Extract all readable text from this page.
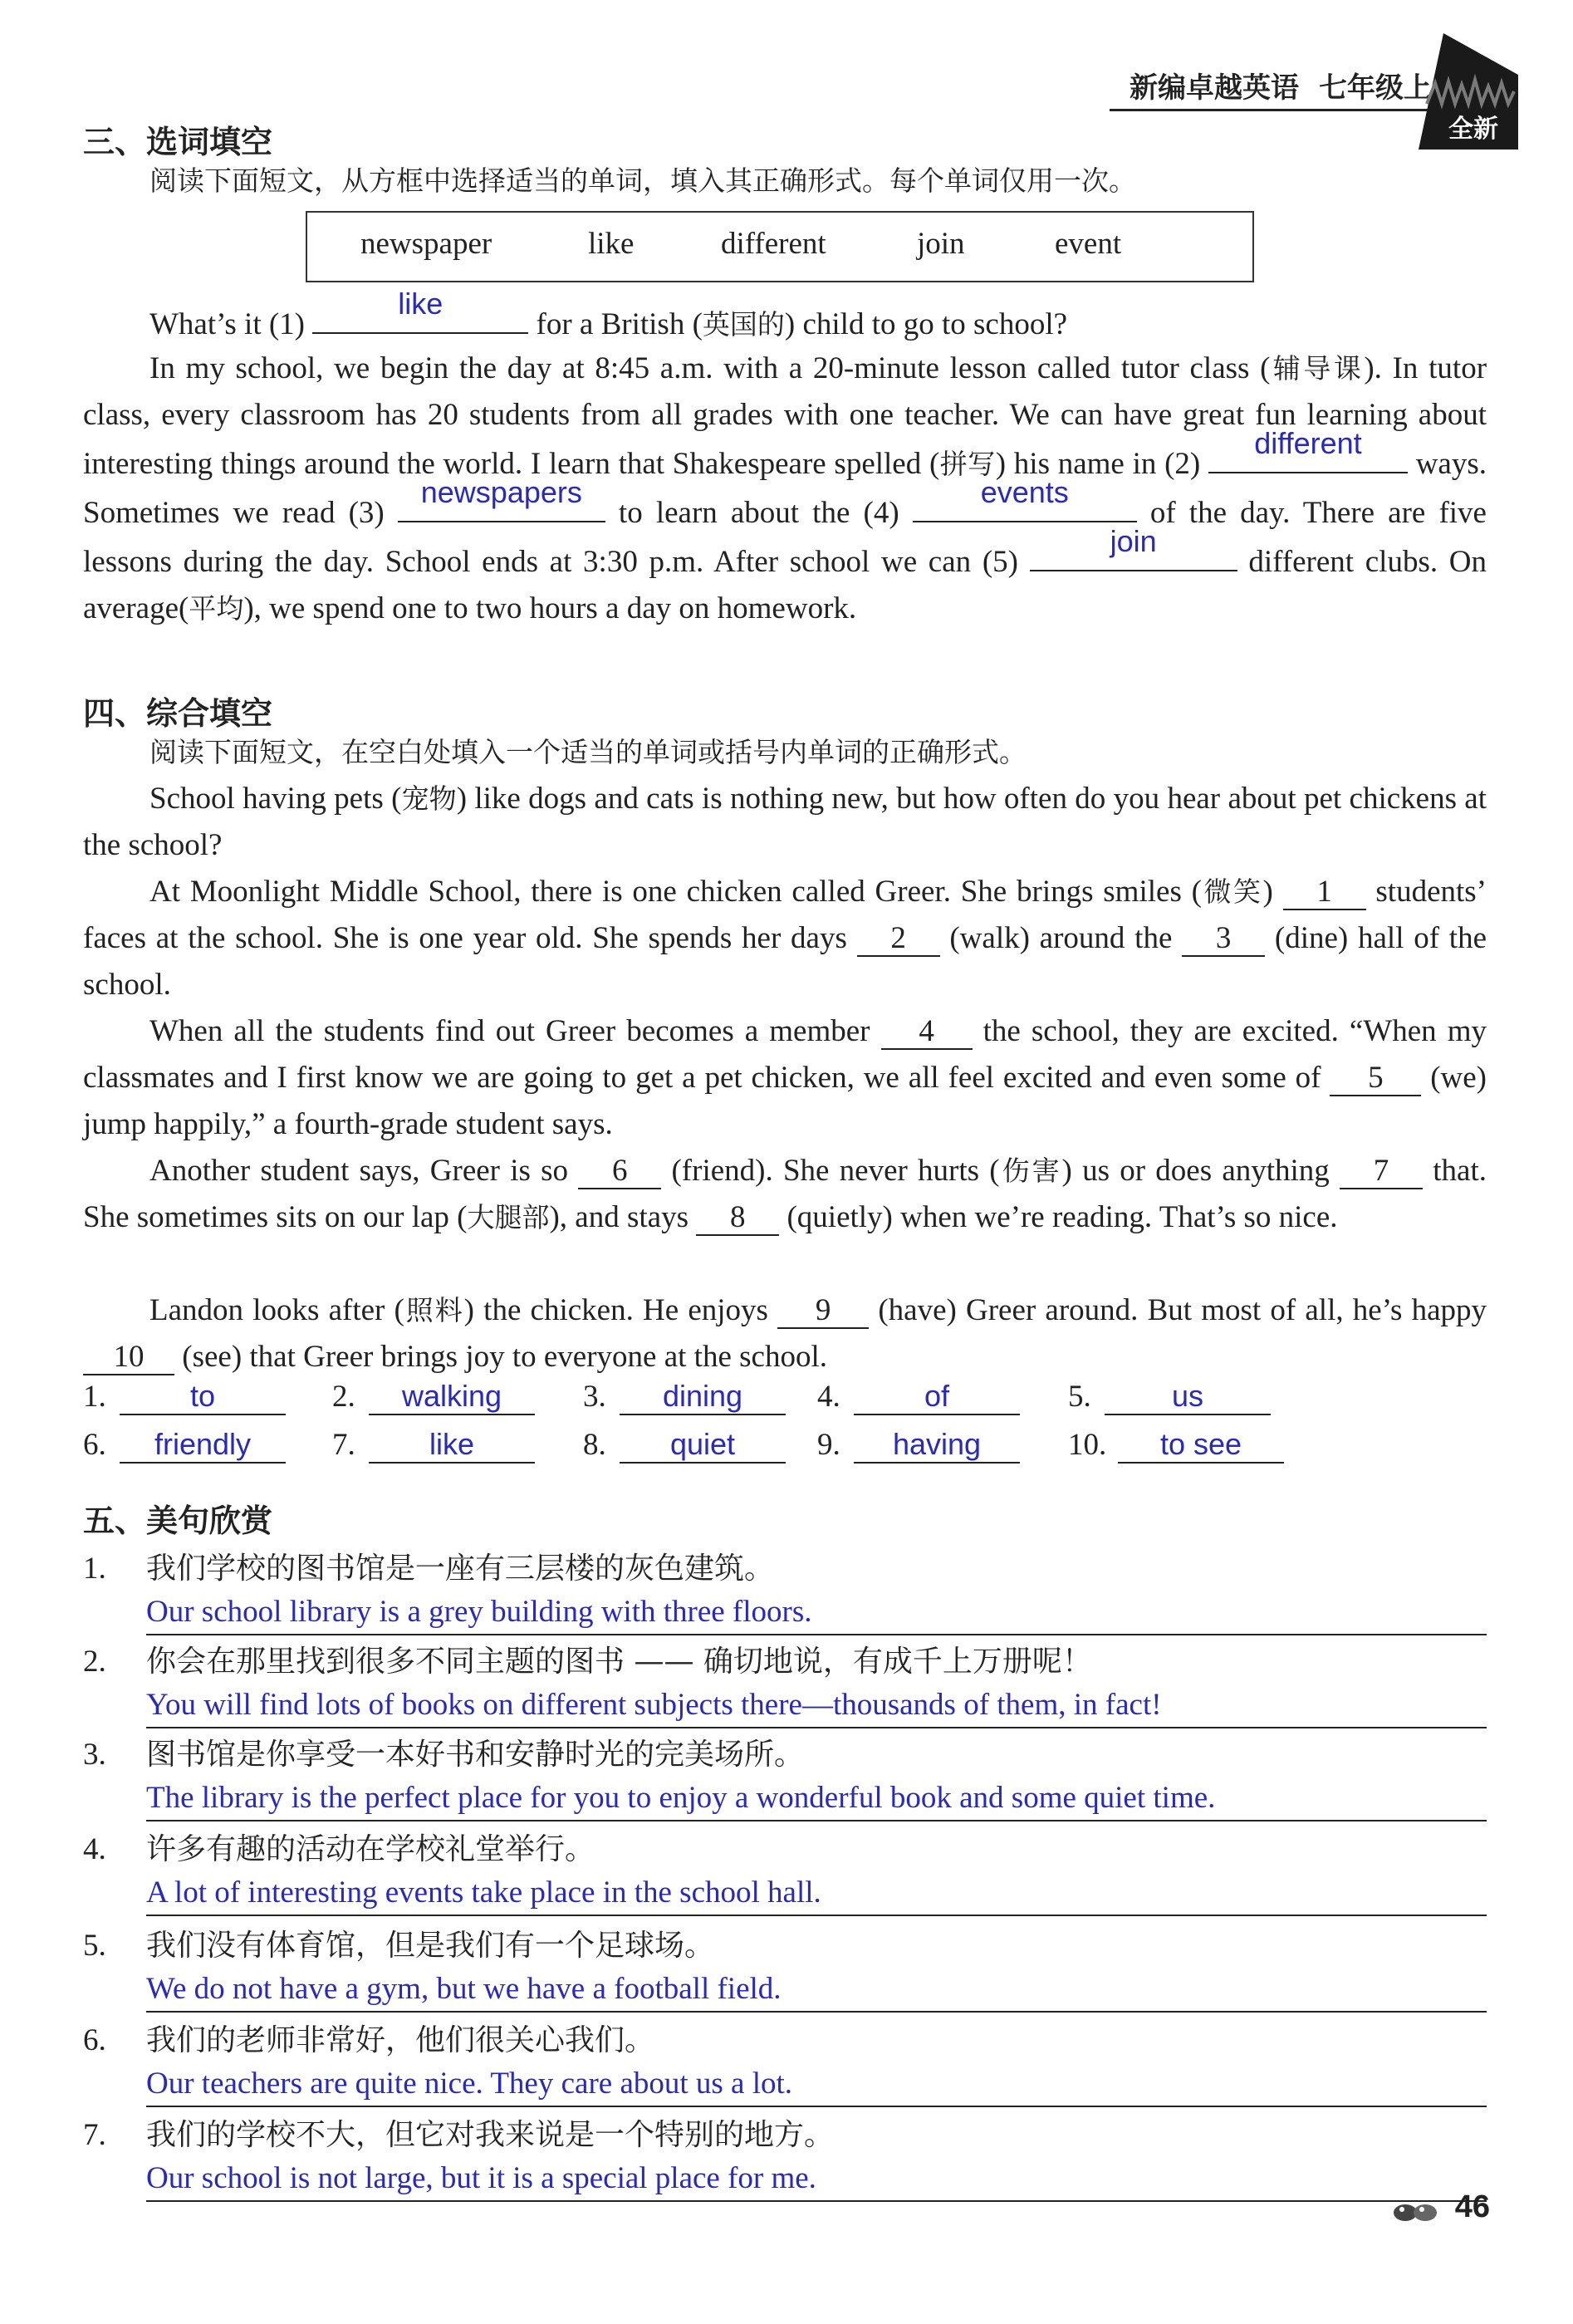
新编卓越英语 七年级上
全新
三、选词填空
阅读下面短文，从方框中选择适当的单词，填入其正确形式。每个单词仅用一次。
newspaper	like	different	join	event
What’s it (1)
like
for a British (英国的) child to go to school?
In my school, we begin the day at 8:45 a.m. with a 20-minute lesson called tutor class (辅导课). In tutor class, every classroom has 20 students from all grades with one teacher. We can have great fun learning about interesting things around the world. I learn that Shakespeare spelled (拼写) his name in (2)
different
ways. Sometimes we read (3)
newspapers
to learn about the (4)
events
of the day. There are five lessons during the day. School ends at 3:30 p.m. After school we can (5)
join
different clubs. On average(平均), we spend one to two hours a day on homework.
四、综合填空
阅读下面短文，在空白处填入一个适当的单词或括号内单词的正确形式。
School having pets (宠物) like dogs and cats is nothing new, but how often do you hear about pet chickens at the school?
At Moonlight Middle School, there is one chicken called Greer. She brings smiles (微笑) 1 students’ faces at the school. She is one year old. She spends her days 2 (walk) around the 3 (dine) hall of the school.
When all the students find out Greer becomes a member 4 the school, they are excited. “When my classmates and I first know we are going to get a pet chicken, we all feel excited and even some of 5 (we) jump happily,” a fourth-grade student says.
Another student says, Greer is so 6 (friend). She never hurts (伤害) us or does anything 7 that. She sometimes sits on our lap (大腿部), and stays 8 (quietly) when we’re reading. That’s so nice.
Landon looks after (照料) the chicken. He enjoys 9 (have) Greer around. But most of all, he’s happy 10 (see) that Greer brings joy to everyone at the school.
1.	to	2. walking	3. dining	4.	of	5.	us
6. friendly	7. like	8. quiet	9. having	10. to see
五、美句欣赏
1. 我们学校的图书馆是一座有三层楼的灰色建筑。
Our school library is a grey building with three floors.
2. 你会在那里找到很多不同主题的图书 —— 确切地说，有成千上万册呢！
You will find lots of books on different subjects there—thousands of them, in fact!
3. 图书馆是你享受一本好书和安静时光的完美场所。
The library is the perfect place for you to enjoy a wonderful book and some quiet time.
4. 许多有趣的活动在学校礼堂举行。
A lot of interesting events take place in the school hall.
5. 我们没有体育馆，但是我们有一个足球场。
We do not have a gym, but we have a football field.
6. 我们的老师非常好，他们很关心我们。
Our teachers are quite nice. They care about us a lot.
7. 我们的学校不大，但它对我来说是一个特别的地方。
Our school is not large, but it is a special place for me.
46
